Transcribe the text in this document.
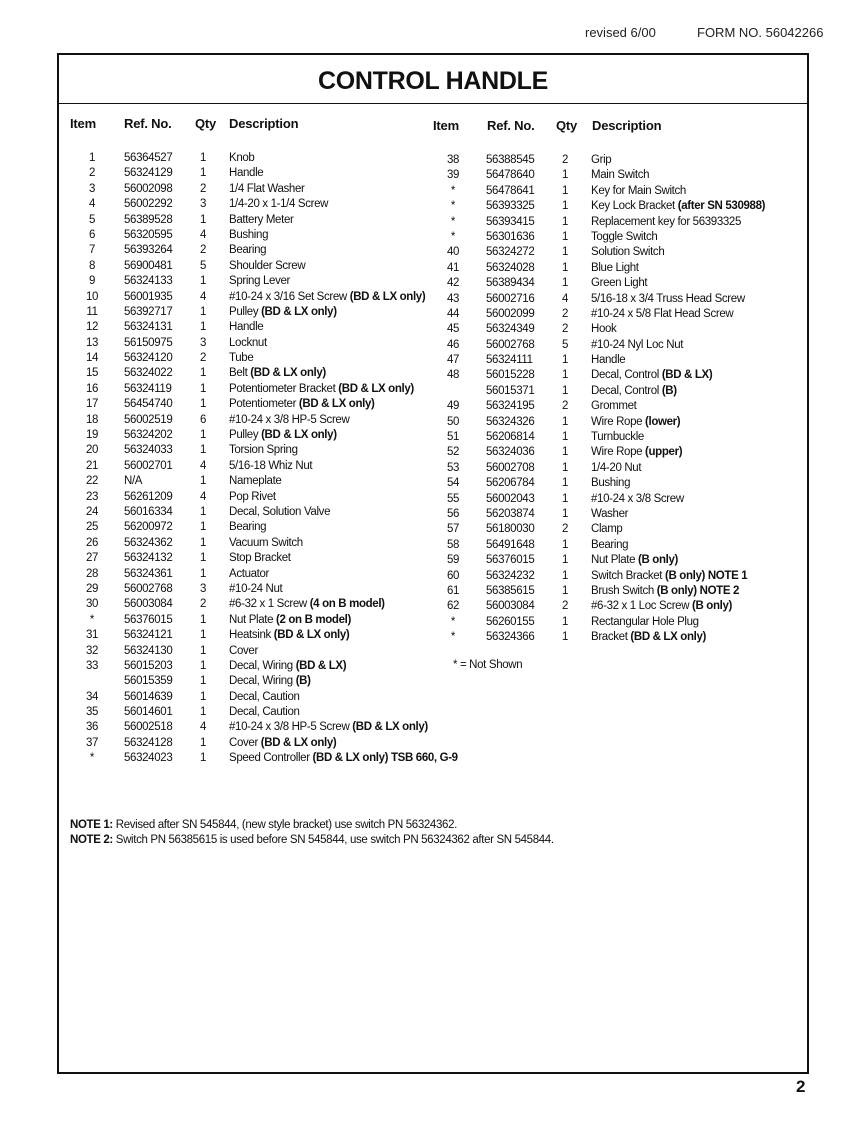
revised 6/00	FORM NO. 56042266
CONTROL HANDLE
Item Ref. No. Qty Description	Item Ref. No. Qty Description
1	56364527	1	Knob
2	56324129	1	Handle
3	56002098	2	1/4 Flat Washer
4	56002292	3	1/4-20 x 1-1/4 Screw
5	56389528	1	Battery Meter
6	56320595	4	Bushing
7	56393264	2	Bearing
8	56900481	5	Shoulder Screw
9	56324133	1	Spring Lever
10	56001935	4	#10-24 x 3/16 Set Screw (BD & LX only)
11	56392717	1	Pulley (BD & LX only)
12	56324131	1	Handle
13	56150975	3	Locknut
14	56324120	2	Tube
15	56324022	1	Belt (BD & LX only)
16	56324119	1	Potentiometer Bracket (BD & LX only)
17	56454740	1	Potentiometer (BD & LX only)
18	56002519	6	#10-24 x 3/8 HP-5 Screw
19	56324202	1	Pulley (BD & LX only)
20	56324033	1	Torsion Spring
21	56002701	4	5/16-18 Whiz Nut
22	N/A	1	Nameplate
23	56261209	4	Pop Rivet
24	56016334	1	Decal, Solution Valve
25	56200972	1	Bearing
26	56324362	1	Vacuum Switch
27	56324132	1	Stop Bracket
28	56324361	1	Actuator
29	56002768	3	#10-24 Nut
30	56003084	2	#6-32 x 1 Screw (4 on B model)
*	56376015	1	Nut Plate (2 on B model)
31	56324121	1	Heatsink (BD & LX only)
32	56324130	1	Cover
33	56015203	1	Decal, Wiring (BD & LX)
56015359	1	Decal, Wiring (B)
34	56014639	1	Decal, Caution
35	56014601	1	Decal, Caution
36	56002518	4	#10-24 x 3/8 HP-5 Screw (BD & LX only)
37	56324128	1	Cover (BD & LX only)
*	56324023	1	Speed Controller (BD & LX only) TSB 660, G-9
38	56388545	2	Grip
39	56478640	1	Main Switch
*	56478641	1	Key for Main Switch
*	56393325	1	Key Lock Bracket (after SN 530988)
*	56393415	1	Replacement key for 56393325
*	56301636	1	Toggle Switch
40	56324272	1	Solution Switch
41	56324028	1	Blue Light
42	56389434	1	Green Light
43	56002716	4	5/16-18 x 3/4 Truss Head Screw
44	56002099	2	#10-24 x 5/8 Flat Head Screw
45	56324349	2	Hook
46	56002768	5	#10-24 Nyl Loc Nut
47	56324111	1	Handle
48	56015228	1	Decal, Control (BD & LX)
56015371	1	Decal, Control (B)
49	56324195	2	Grommet
50	56324326	1	Wire Rope (lower)
51	56206814	1	Turnbuckle
52	56324036	1	Wire Rope (upper)
53	56002708	1	1/4-20 Nut
54	56206784	1	Bushing
55	56002043	1	#10-24 x 3/8 Screw
56	56203874	1	Washer
57	56180030	2	Clamp
58	56491648	1	Bearing
59	56376015	1	Nut Plate (B only)
60	56324232	1	Switch Bracket (B only) NOTE 1
61	56385615	1	Brush Switch (B only) NOTE 2
62	56003084	2	#6-32 x 1 Loc Screw (B only)
*	56260155	1	Rectangular Hole Plug
*	56324366	1	Bracket (BD & LX only)
* = Not Shown
NOTE 1: Revised after SN 545844, (new style bracket) use switch PN 56324362.
NOTE 2: Switch PN 56385615 is used before SN 545844, use switch PN 56324362 after SN 545844.
2
